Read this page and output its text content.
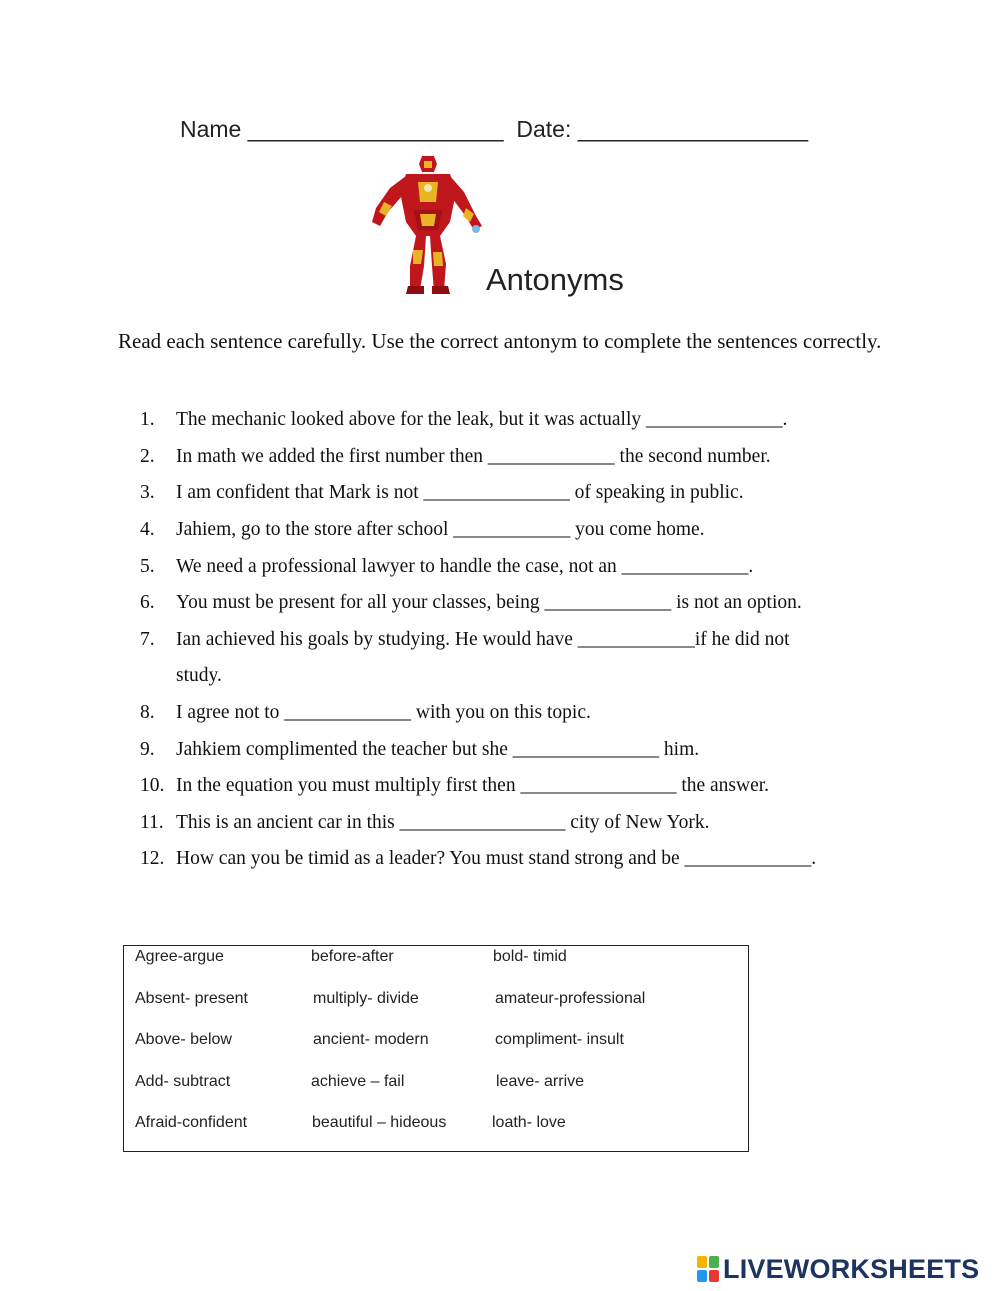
Name ____________________ Date: __________________
Antonyms
Read each sentence carefully. Use the correct antonym to complete the sentences correctly.
1.	The mechanic looked above for the leak, but it was actually ______________.
2.	In math we added the first number then _____________ the second number.
3.	I am confident that Mark is not _______________ of speaking in public.
4.	Jahiem, go to the store after school ____________ you come home.
5.	We need a professional lawyer to handle the case, not an _____________.
6.	You must be present for all your classes, being _____________ is not an option.
7.	Ian achieved his goals by studying. He would have ____________if he did not
study.
8.	I agree not to _____________ with you on this topic.
9.	Jahkiem complimented the teacher but she _______________ him.
10. In the equation you must multiply first then ________________ the answer.
11. This is an ancient car in this _________________ city of New York.
12. How can you be timid as a leader? You must stand strong and be _____________.
Agree-argue	before-after	bold- timid
Absent- present	multiply- divide	amateur-professional
Above- below	ancient- modern	compliment- insult
Add- subtract	achieve – fail	leave- arrive
Afraid-confident	beautiful – hideous	loath- love
LIVEWORKSHEETS
